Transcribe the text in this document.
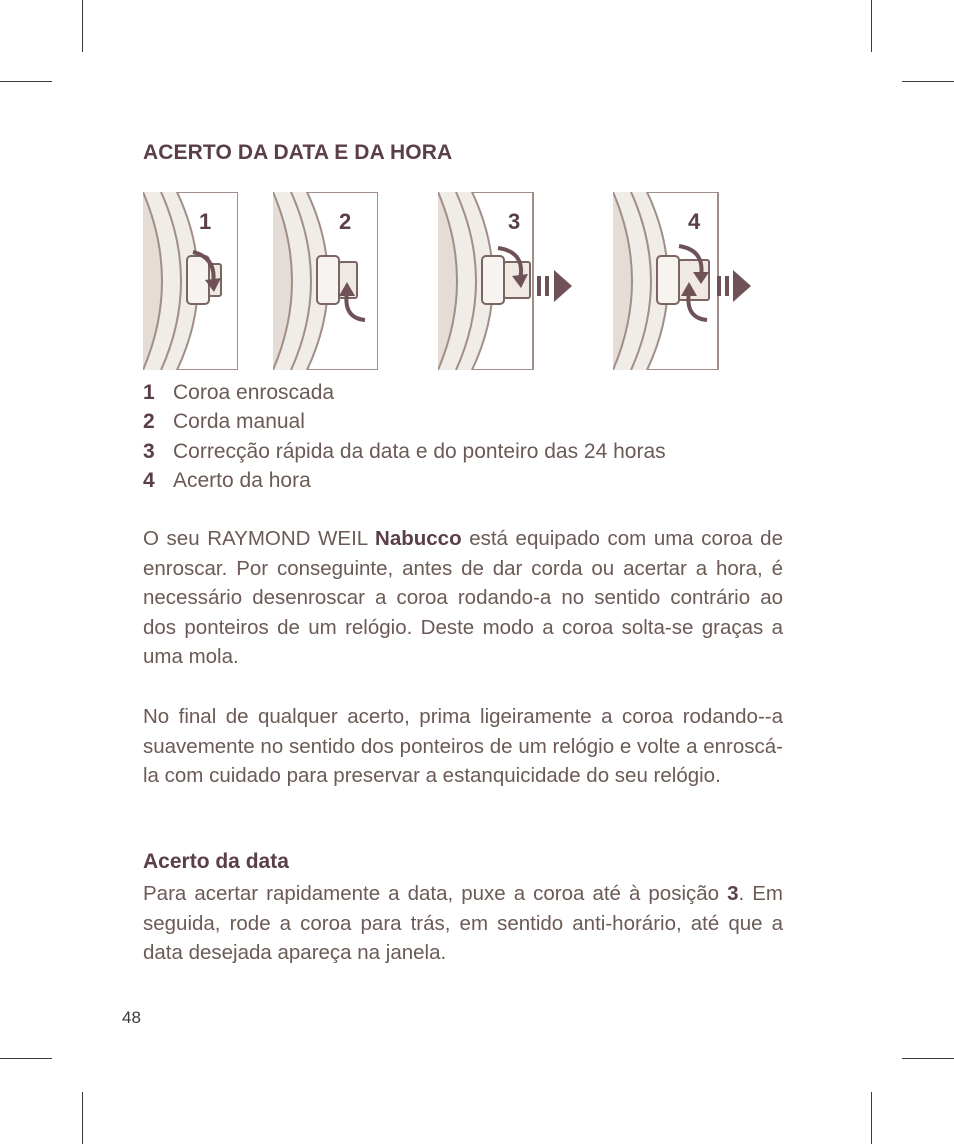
ACERTO DA DATA E DA HORA
1	2	3	4
1 Coroa enroscada
2 Corda manual
3 Correcção rápida da data e do ponteiro das 24 horas
4 Acerto da hora
O seu RAYMOND WEIL Nabucco está equipado com uma coroa de enroscar. Por conseguinte, antes de dar corda ou acertar a hora, é necessário desenroscar a coroa rodando-a no sentido contrário ao dos ponteiros de um relógio. Deste modo a coroa solta-se graças a uma mola.
No final de qualquer acerto, prima ligeiramente a coroa rodando--a suavemente no sentido dos ponteiros de um relógio e volte a enroscá-la com cuidado para preservar a estanquicidade do seu relógio.
Acerto da data
Para acertar rapidamente a data, puxe a coroa até à posição 3. Em seguida, rode a coroa para trás, em sentido anti-horário, até que a data desejada apareça na janela.
48
